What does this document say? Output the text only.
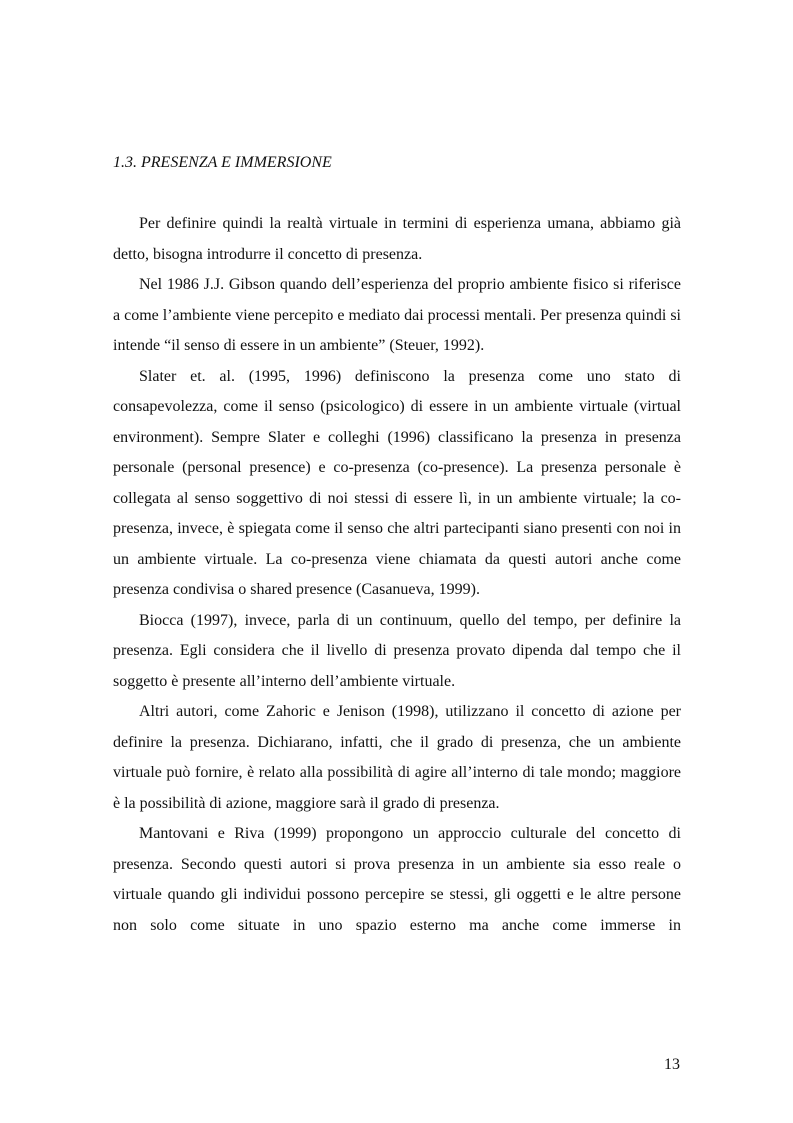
1.3. PRESENZA E IMMERSIONE

Per definire quindi la realtà virtuale in termini di esperienza umana, abbiamo già detto, bisogna introdurre il concetto di presenza.

Nel 1986 J.J. Gibson quando dell’esperienza del proprio ambiente fisico si riferisce a come l’ambiente viene percepito e mediato dai processi mentali. Per presenza quindi si intende “il senso di essere in un ambiente” (Steuer, 1992).

Slater et. al. (1995, 1996) definiscono la presenza come uno stato di consapevolezza, come il senso (psicologico) di essere in un ambiente virtuale (virtual environment). Sempre Slater e colleghi (1996) classificano la presenza in presenza personale (personal presence) e co-presenza (co-presence). La presenza personale è collegata al senso soggettivo di noi stessi di essere lì, in un ambiente virtuale; la co-presenza, invece, è spiegata come il senso che altri partecipanti siano presenti con noi in un ambiente virtuale. La co-presenza viene chiamata da questi autori anche come presenza condivisa o shared presence (Casanueva, 1999).

Biocca (1997), invece, parla di un continuum, quello del tempo, per definire la presenza. Egli considera che il livello di presenza provato dipenda dal tempo che il soggetto è presente all’interno dell’ambiente virtuale.

Altri autori, come Zahoric e Jenison (1998), utilizzano il concetto di azione per definire la presenza. Dichiarano, infatti, che il grado di presenza, che un ambiente virtuale può fornire, è relato alla possibilità di agire all’interno di tale mondo; maggiore è la possibilità di azione, maggiore sarà il grado di presenza.

Mantovani e Riva (1999) propongono un approccio culturale del concetto di presenza. Secondo questi autori si prova presenza in un ambiente sia esso reale o virtuale quando gli individui possono percepire se stessi, gli oggetti e le altre persone non solo come situate in uno spazio esterno ma anche come immerse in

13
